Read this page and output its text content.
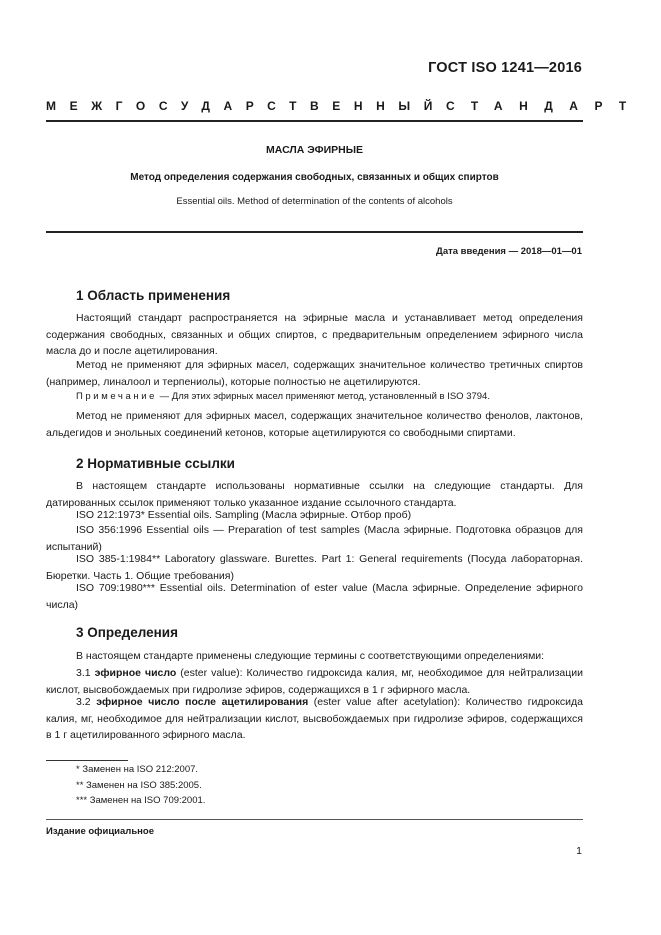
ГОСТ ISO 1241—2016
МЕЖГОСУДАРСТВЕННЫЙ СТАНДАРТ
МАСЛА ЭФИРНЫЕ
Метод определения содержания свободных, связанных и общих спиртов
Essential oils. Method of determination of the contents of alcohols
Дата введения — 2018—01—01
1 Область применения

Настоящий стандарт распространяется на эфирные масла и устанавливает метод определения содержания свободных, связанных и общих спиртов, с предварительным определением эфирного числа масла до и после ацетилирования.

Метод не применяют для эфирных масел, содержащих значительное количество третичных спиртов (например, линалоол и терпениолы), которые полностью не ацетилируются.

Примечание — Для этих эфирных масел применяют метод, установленный в ISO 3794.

Метод не применяют для эфирных масел, содержащих значительное количество фенолов, лактонов, альдегидов и энольных соединений кетонов, которые ацетилируются со свободными спиртами.

2 Нормативные ссылки

В настоящем стандарте использованы нормативные ссылки на следующие стандарты. Для датированных ссылок применяют только указанное издание ссылочного стандарта.

ISO 212:1973* Essential oils. Sampling (Масла эфирные. Отбор проб)

ISO 356:1996 Essential oils — Preparation of test samples (Масла эфирные. Подготовка образцов для испытаний)

ISO 385-1:1984** Laboratory glassware. Burettes. Part 1: General requirements (Посуда лабораторная. Бюретки. Часть 1. Общие требования)

ISO 709:1980*** Essential oils. Determination of ester value (Масла эфирные. Определение эфирного числа)

3 Определения

В настоящем стандарте применены следующие термины с соответствующими определениями:

3.1 эфирное число (ester value): Количество гидроксида калия, мг, необходимое для нейтрализации кислот, высвобождаемых при гидролизе эфиров, содержащихся в 1 г эфирного масла.

3.2 эфирное число после ацетилирования (ester value after acetylation): Количество гидроксида калия, мг, необходимое для нейтрализации кислот, высвобождаемых при гидролизе эфиров, содержащихся в 1 г ацетилированного эфирного масла.

* Заменен на ISO 212:2007.
** Заменен на ISO 385:2005.
*** Заменен на ISO 709:2001.
Издание официальное
1
